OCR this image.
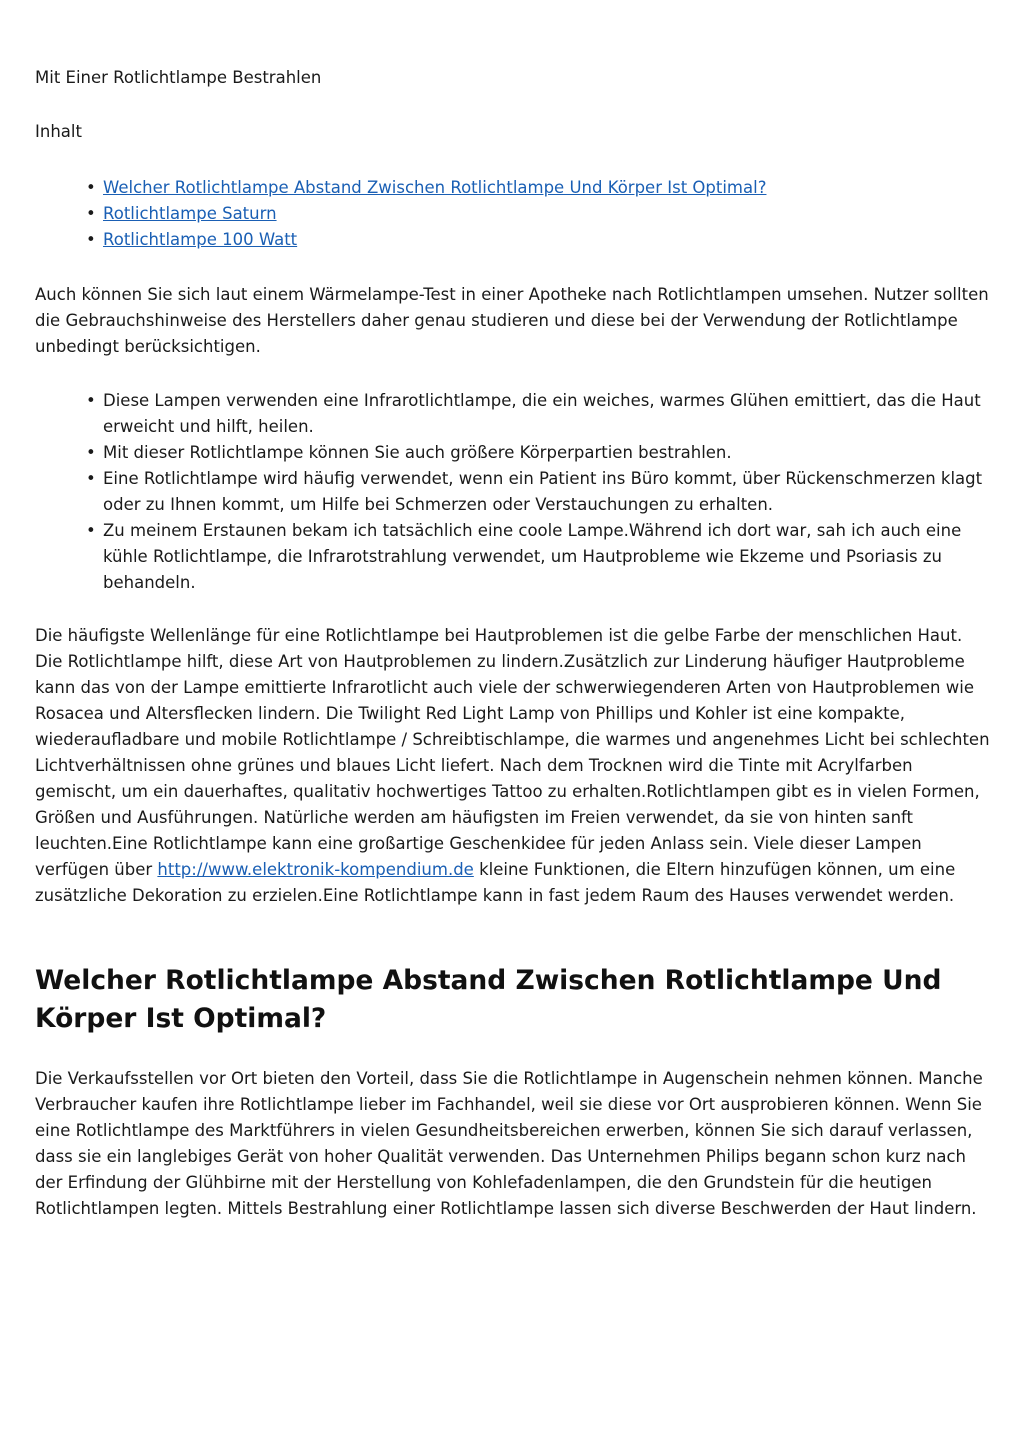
Mit Einer Rotlichtlampe Bestrahlen

Inhalt

• Welcher Rotlichtlampe Abstand Zwischen Rotlichtlampe Und Körper Ist Optimal?
• Rotlichtlampe Saturn
• Rotlichtlampe 100 Watt

Auch können Sie sich laut einem Wärmelampe-Test in einer Apotheke nach Rotlichtlampen umsehen. Nutzer sollten die Gebrauchshinweise des Herstellers daher genau studieren und diese bei der Verwendung der Rotlichtlampe unbedingt berücksichtigen.

• Diese Lampen verwenden eine Infrarotlichtlampe, die ein weiches, warmes Glühen emittiert, das die Haut erweicht und hilft, heilen.
• Mit dieser Rotlichtlampe können Sie auch größere Körperpartien bestrahlen.
• Eine Rotlichtlampe wird häufig verwendet, wenn ein Patient ins Büro kommt, über Rückenschmerzen klagt oder zu Ihnen kommt, um Hilfe bei Schmerzen oder Verstauchungen zu erhalten.
• Zu meinem Erstaunen bekam ich tatsächlich eine coole Lampe.Während ich dort war, sah ich auch eine kühle Rotlichtlampe, die Infrarotstrahlung verwendet, um Hautprobleme wie Ekzeme und Psoriasis zu behandeln.

Die häufigste Wellenlänge für eine Rotlichtlampe bei Hautproblemen ist die gelbe Farbe der menschlichen Haut. Die Rotlichtlampe hilft, diese Art von Hautproblemen zu lindern.Zusätzlich zur Linderung häufiger Hautprobleme kann das von der Lampe emittierte Infrarotlicht auch viele der schwerwiegenderen Arten von Hautproblemen wie Rosacea und Altersflecken lindern. Die Twilight Red Light Lamp von Phillips und Kohler ist eine kompakte, wiederaufladbare und mobile Rotlichtlampe / Schreibtischlampe, die warmes und angenehmes Licht bei schlechten Lichtverhältnissen ohne grünes und blaues Licht liefert. Nach dem Trocknen wird die Tinte mit Acrylfarben gemischt, um ein dauerhaftes, qualitativ hochwertiges Tattoo zu erhalten.Rotlichtlampen gibt es in vielen Formen, Größen und Ausführungen. Natürliche werden am häufigsten im Freien verwendet, da sie von hinten sanft leuchten.Eine Rotlichtlampe kann eine großartige Geschenkidee für jeden Anlass sein. Viele dieser Lampen verfügen über http://www.elektronik-kompendium.de kleine Funktionen, die Eltern hinzufügen können, um eine zusätzliche Dekoration zu erzielen.Eine Rotlichtlampe kann in fast jedem Raum des Hauses verwendet werden.

Welcher Rotlichtlampe Abstand Zwischen Rotlichtlampe Und Körper Ist Optimal?

Die Verkaufsstellen vor Ort bieten den Vorteil, dass Sie die Rotlichtlampe in Augenschein nehmen können. Manche Verbraucher kaufen ihre Rotlichtlampe lieber im Fachhandel, weil sie diese vor Ort ausprobieren können. Wenn Sie eine Rotlichtlampe des Marktführers in vielen Gesundheitsbereichen erwerben, können Sie sich darauf verlassen, dass sie ein langlebiges Gerät von hoher Qualität verwenden. Das Unternehmen Philips begann schon kurz nach der Erfindung der Glühbirne mit der Herstellung von Kohlefadenlampen, die den Grundstein für die heutigen Rotlichtlampen legten. Mittels Bestrahlung einer Rotlichtlampe lassen sich diverse Beschwerden der Haut lindern.
